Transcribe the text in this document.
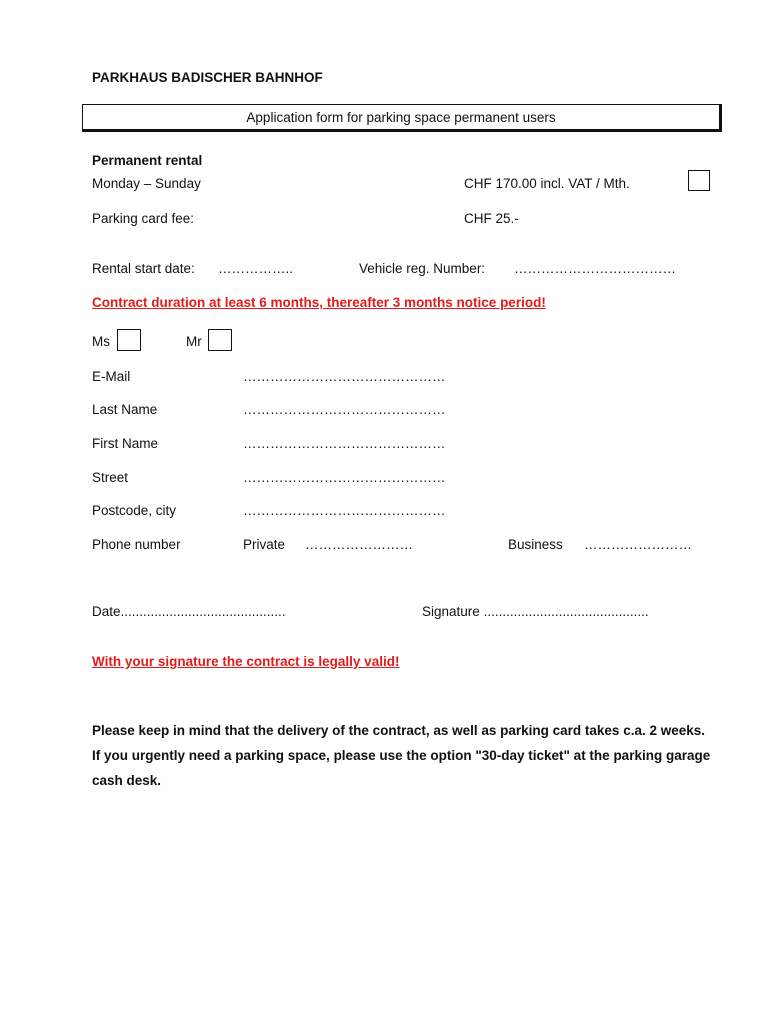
PARKHAUS BADISCHER BAHNHOF
Application form for parking space permanent users
Permanent rental
Monday – Sunday	CHF 170.00 incl. VAT / Mth.
Parking card fee:	CHF 25.-
Rental start date: ……………..	Vehicle reg. Number: ………………………………
Contract duration at least 6 months, thereafter 3 months notice period!
Ms	Mr
E-Mail	………………………………………
Last Name	………………………………………
First Name	………………………………………
Street	………………………………………
Postcode, city	………………………………………
Phone number	Private ……………………	Business ……………………
Date............................................	Signature ............................................
With your signature the contract is legally valid!
Please keep in mind that the delivery of the contract, as well as parking card takes c.a. 2 weeks. If you urgently need a parking space, please use the option "30-day ticket" at the parking garage cash desk.
